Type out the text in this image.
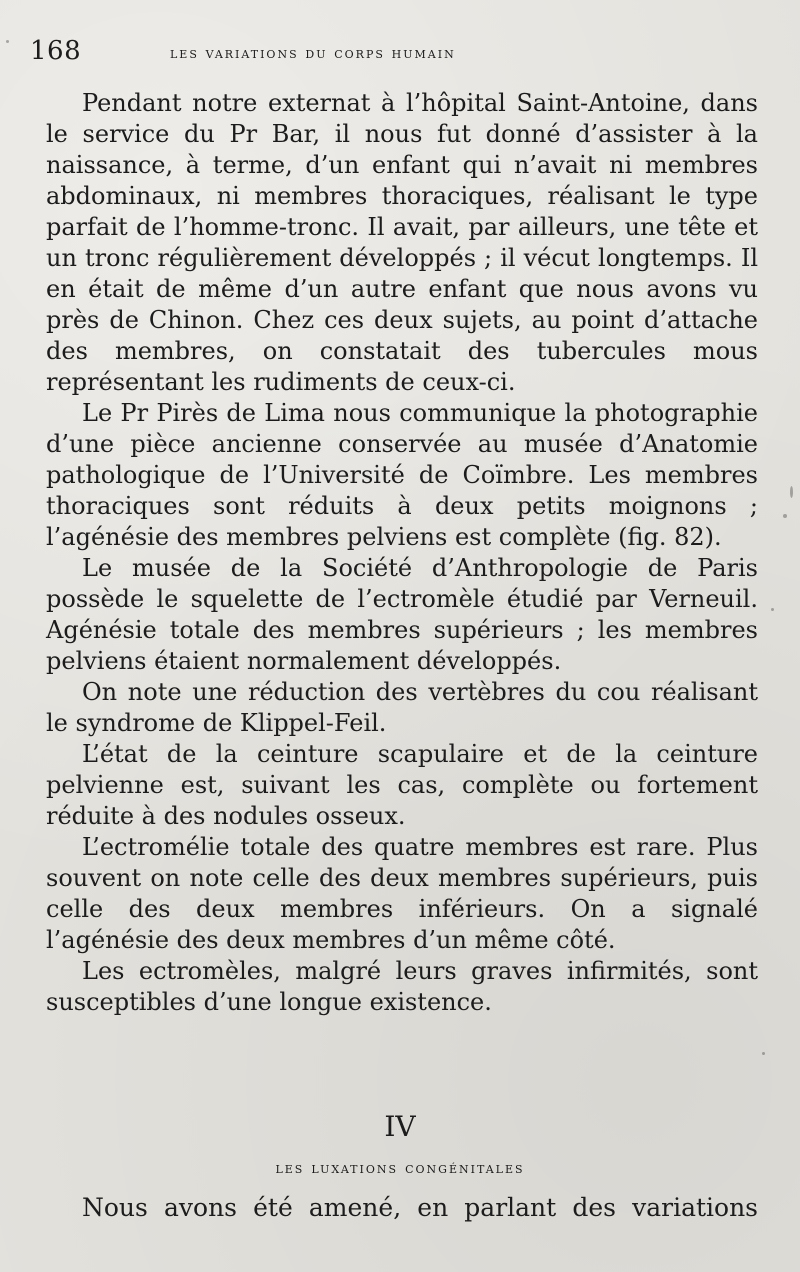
168	les variations du corps humain

Pendant notre externat à l’hôpital Saint-Antoine, dans le service du Pr Bar, il nous fut donné d’assister à la naissance, à terme, d’un enfant qui n’avait ni membres abdominaux, ni membres thoraciques, réalisant le type parfait de l’homme-tronc. Il avait, par ailleurs, une tête et un tronc régulièrement développés ; il vécut longtemps. Il en était de même d’un autre enfant que nous avons vu près de Chinon. Chez ces deux sujets, au point d’attache des membres, on constatait des tubercules mous représentant les rudiments de ceux-ci.

Le Pr Pirès de Lima nous communique la photographie d’une pièce ancienne conservée au musée d’Anatomie pathologique de l’Université de Coïmbre. Les membres thoraciques sont réduits à deux petits moignons ; l’agénésie des membres pelviens est complète (fig. 82).

Le musée de la Société d’Anthropologie de Paris possède le squelette de l’ectromèle étudié par Verneuil. Agénésie totale des membres supérieurs ; les membres pelviens étaient normalement développés.

On note une réduction des vertèbres du cou réalisant le syndrome de Klippel-Feil.

L’état de la ceinture scapulaire et de la ceinture pelvienne est, suivant les cas, complète ou fortement réduite à des nodules osseux.

L’ectromélie totale des quatre membres est rare. Plus souvent on note celle des deux membres supérieurs, puis celle des deux membres inférieurs. On a signalé l’agénésie des deux membres d’un même côté.

Les ectromèles, malgré leurs graves infirmités, sont susceptibles d’une longue existence.

IV
les luxations congénitales
Nous avons été amené, en parlant des variations
